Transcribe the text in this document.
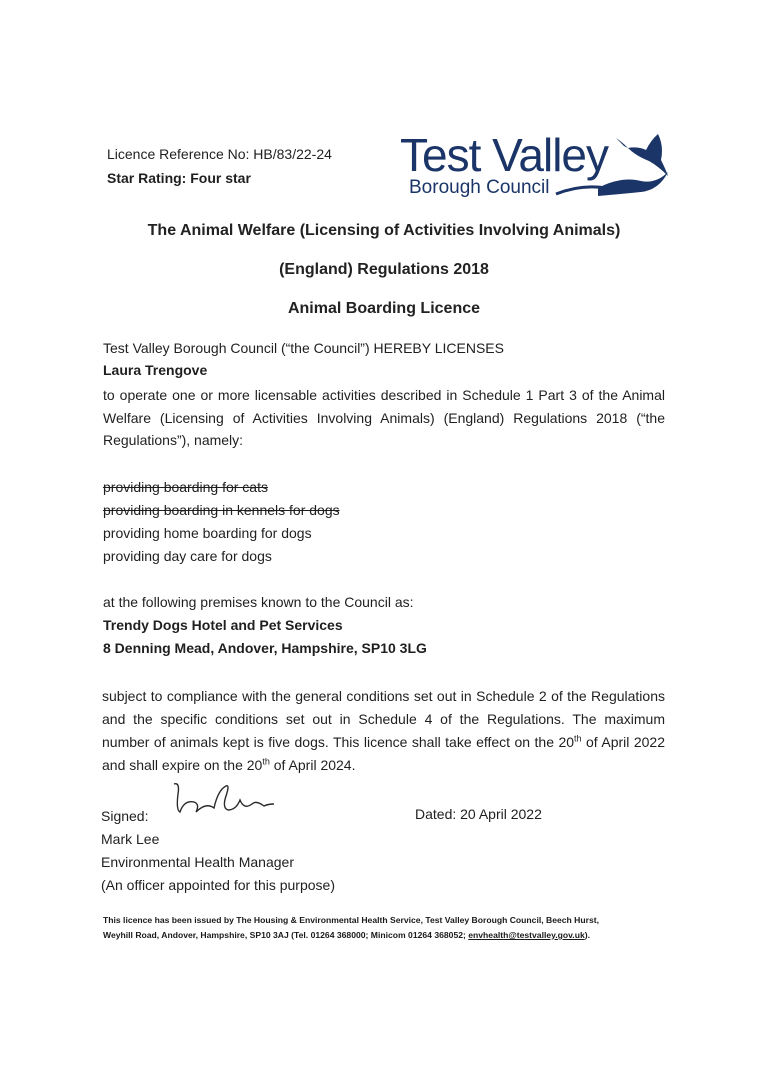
Licence Reference No: HB/83/22-24
Star Rating: Four star	Test Valley
Borough Council
The Animal Welfare (Licensing of Activities Involving Animals)
(England) Regulations 2018
Animal Boarding Licence
Test Valley Borough Council (“the Council”) HEREBY LICENSES
Laura Trengove
to operate one or more licensable activities described in Schedule 1 Part 3 of the Animal Welfare (Licensing of Activities Involving Animals) (England) Regulations 2018 (“the Regulations”), namely:
providing boarding for cats
providing boarding in kennels for dogs
providing home boarding for dogs
providing day care for dogs
at the following premises known to the Council as:
Trendy Dogs Hotel and Pet Services
8 Denning Mead, Andover, Hampshire, SP10 3LG
subject to compliance with the general conditions set out in Schedule 2 of the Regulations and the specific conditions set out in Schedule 4 of the Regulations. The maximum number of animals kept is five dogs. This licence shall take effect on the 20th of April 2022 and shall expire on the 20th of April 2024.
Signed:	Dated: 20 April 2022
Mark Lee
Environmental Health Manager
(An officer appointed for this purpose)
This licence has been issued by The Housing & Environmental Health Service, Test Valley Borough Council, Beech Hurst,
Weyhill Road, Andover, Hampshire, SP10 3AJ (Tel. 01264 368000; Minicom 01264 368052; envhealth@testvalley.gov.uk).
